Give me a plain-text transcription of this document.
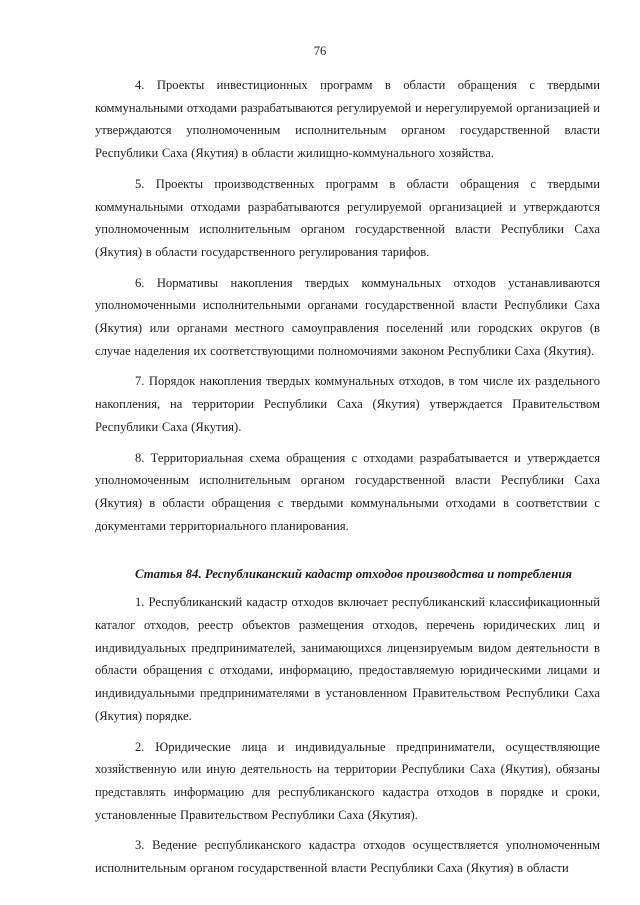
76

4. Проекты инвестиционных программ в области обращения с твердыми коммунальными отходами разрабатываются регулируемой и нерегулируемой организацией и утверждаются уполномоченным исполнительным органом государственной власти Республики Саха (Якутия) в области жилищно-коммунального хозяйства.

5. Проекты производственных программ в области обращения с твердыми коммунальными отходами разрабатываются регулируемой организацией и утверждаются уполномоченным исполнительным органом государственной власти Республики Саха (Якутия) в области государственного регулирования тарифов.

6. Нормативы накопления твердых коммунальных отходов устанавливаются уполномоченными исполнительными органами государственной власти Республики Саха (Якутия) или органами местного самоуправления поселений или городских округов (в случае наделения их соответствующими полномочиями законом Республики Саха (Якутия).

7. Порядок накопления твердых коммунальных отходов, в том числе их раздельного накопления, на территории Республики Саха (Якутия) утверждается Правительством Республики Саха (Якутия).

8. Территориальная схема обращения с отходами разрабатывается и утверждается уполномоченным исполнительным органом государственной власти Республики Саха (Якутия) в области обращения с твердыми коммунальными отходами в соответствии с документами территориального планирования.

Статья 84. Республиканский кадастр отходов производства и потребления

1. Республиканский кадастр отходов включает республиканский классификационный каталог отходов, реестр объектов размещения отходов, перечень юридических лиц и индивидуальных предпринимателей, занимающихся лицензируемым видом деятельности в области обращения с отходами, информацию, предоставляемую юридическими лицами и индивидуальными предпринимателями в установленном Правительством Республики Саха (Якутия) порядке.

2. Юридические лица и индивидуальные предприниматели, осуществляющие хозяйственную или иную деятельность на территории Республики Саха (Якутия), обязаны представлять информацию для республиканского кадастра отходов в порядке и сроки, установленные Правительством Республики Саха (Якутия).

3. Ведение республиканского кадастра отходов осуществляется уполномоченным исполнительным органом государственной власти Республики Саха (Якутия) в области
